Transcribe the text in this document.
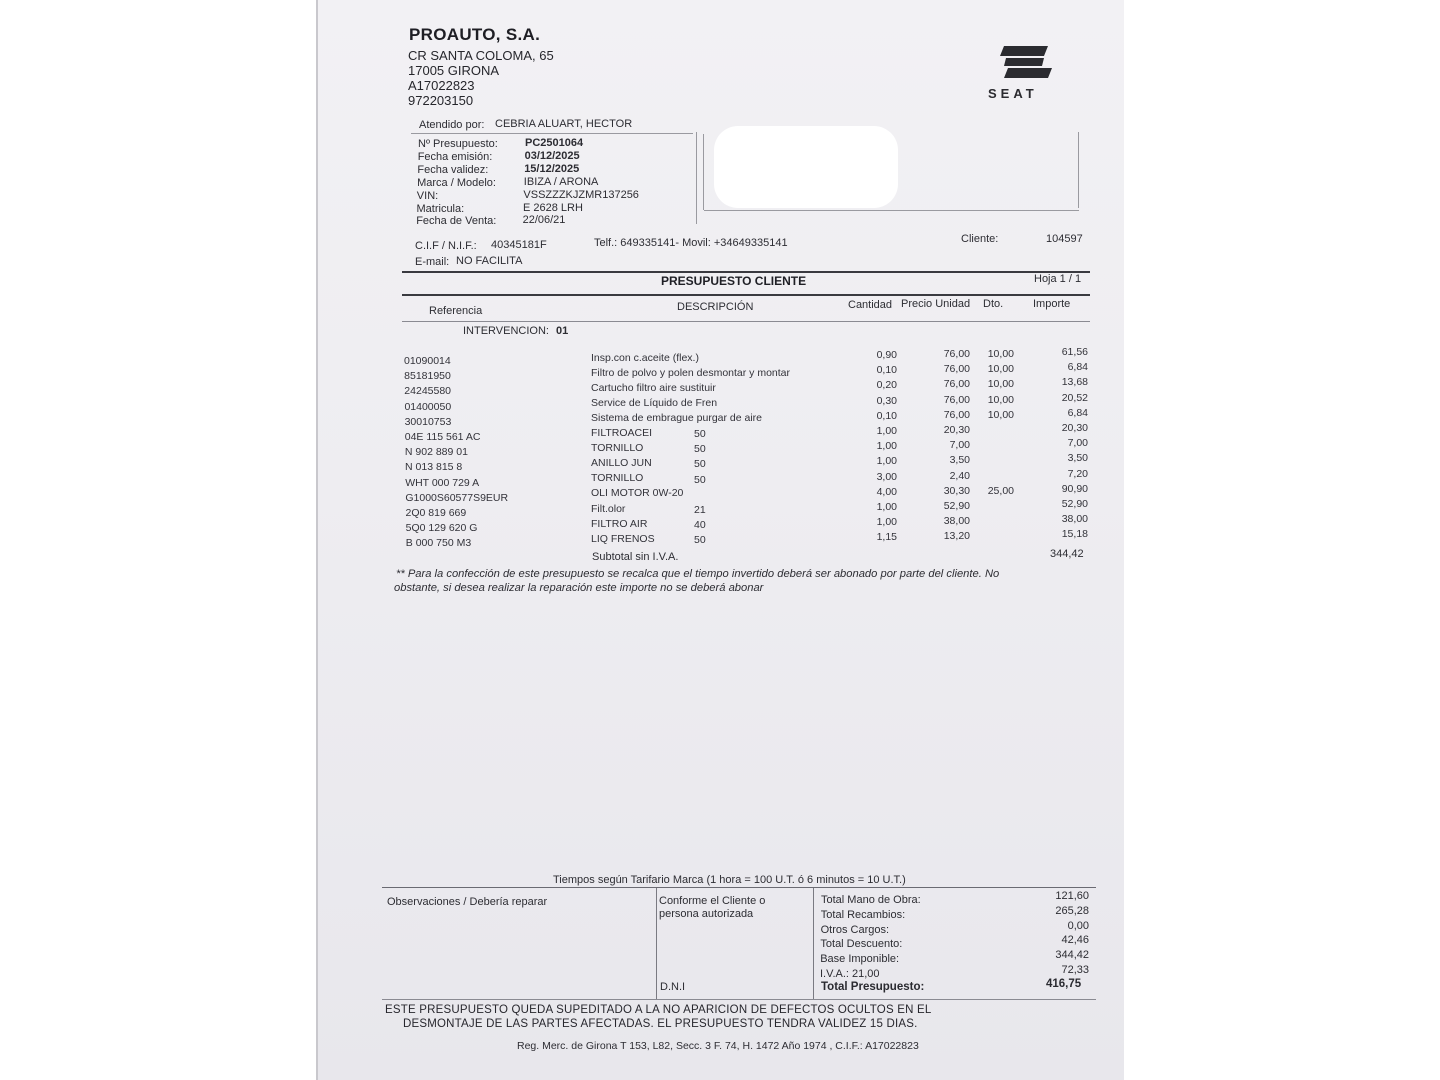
PROAUTO, S.A.
CR SANTA COLOMA, 65
17005 GIRONA
A17022823
972203150	SEAT
Atendido por: CEBRIA ALUART, HECTOR
Nº Presupuesto: PC2501064
Fecha emisión:	03/12/2025
Fecha validez:	15/12/2025
Marca / Modelo:	IBIZA / ARONA
VIN:	VSSZZZKJZMR137256
Matricula:	E 2628 LRH
Fecha de Venta: 22/06/21
C.I.F / N.I.F.: 40345181F	Telf.: 649335141- Movil: +34649335141	Cliente:	104597
E-mail: NO FACILITA
PRESUPUESTO CLIENTE	Hoja 1 / 1
Referencia	DESCRIPCIÓN	Cantidad Precio Unidad Dto.	Importe
INTERVENCION: 01
01090014	Insp.con c.aceite (flex.)	0,90	76,00 10,00	61,56
85181950	Filtro de polvo y polen desmontar y montar	0,10	76,00 10,00	6,84
24245580	Cartucho filtro aire sustituir	0,20	76,00 10,00	13,68
01400050	Service de Líquido de Fren	0,30	76,00 10,00	20,52
30010753	Sistema de embrague purgar de aire	0,10	76,00 10,00	6,84
04E 115 561 AC	FILTROACEI	50	1,00	20,30	20,30
N 902 889 01	TORNILLO	50	1,00	7,00	7,00
N 013 815 8	ANILLO JUN	50	1,00	3,50	3,50
WHT 000 729 A	TORNILLO	50	3,00	2,40	7,20
G1000S60577S9EUR	OLI MOTOR 0W-20	4,00	30,30 25,00	90,90
2Q0 819 669	Filt.olor	21	1,00	52,90	52,90
5Q0 129 620 G	FILTRO AIR	40	1,00	38,00	38,00
B 000 750 M3	LIQ FRENOS	50	1,15	13,20	15,18
Subtotal sin I.V.A.	344,42
** Para la confección de este presupuesto se recalca que el tiempo invertido deberá ser abonado por parte del cliente. No
obstante, si desea realizar la reparación este importe no se deberá abonar
Tiempos según Tarifario Marca (1 hora = 100 U.T. ó 6 minutos = 10 U.T.)
Observaciones / Debería reparar	Conforme el Cliente o
persona autorizada
D.N.I
Total Mano de Obra:	121,60
Total Recambios:	265,28
Otros Cargos:	0,00
Total Descuento:	42,46
Base Imponible:	344,42
I.V.A.: 21,00	72,33
Total Presupuesto:	416,75
ESTE PRESUPUESTO QUEDA SUPEDITADO A LA NO APARICION DE DEFECTOS OCULTOS EN EL
DESMONTAJE DE LAS PARTES AFECTADAS. EL PRESUPUESTO TENDRA VALIDEZ 15 DIAS.
Reg. Merc. de Girona T 153, L82, Secc. 3 F. 74, H. 1472 Año 1974 , C.I.F.: A17022823
